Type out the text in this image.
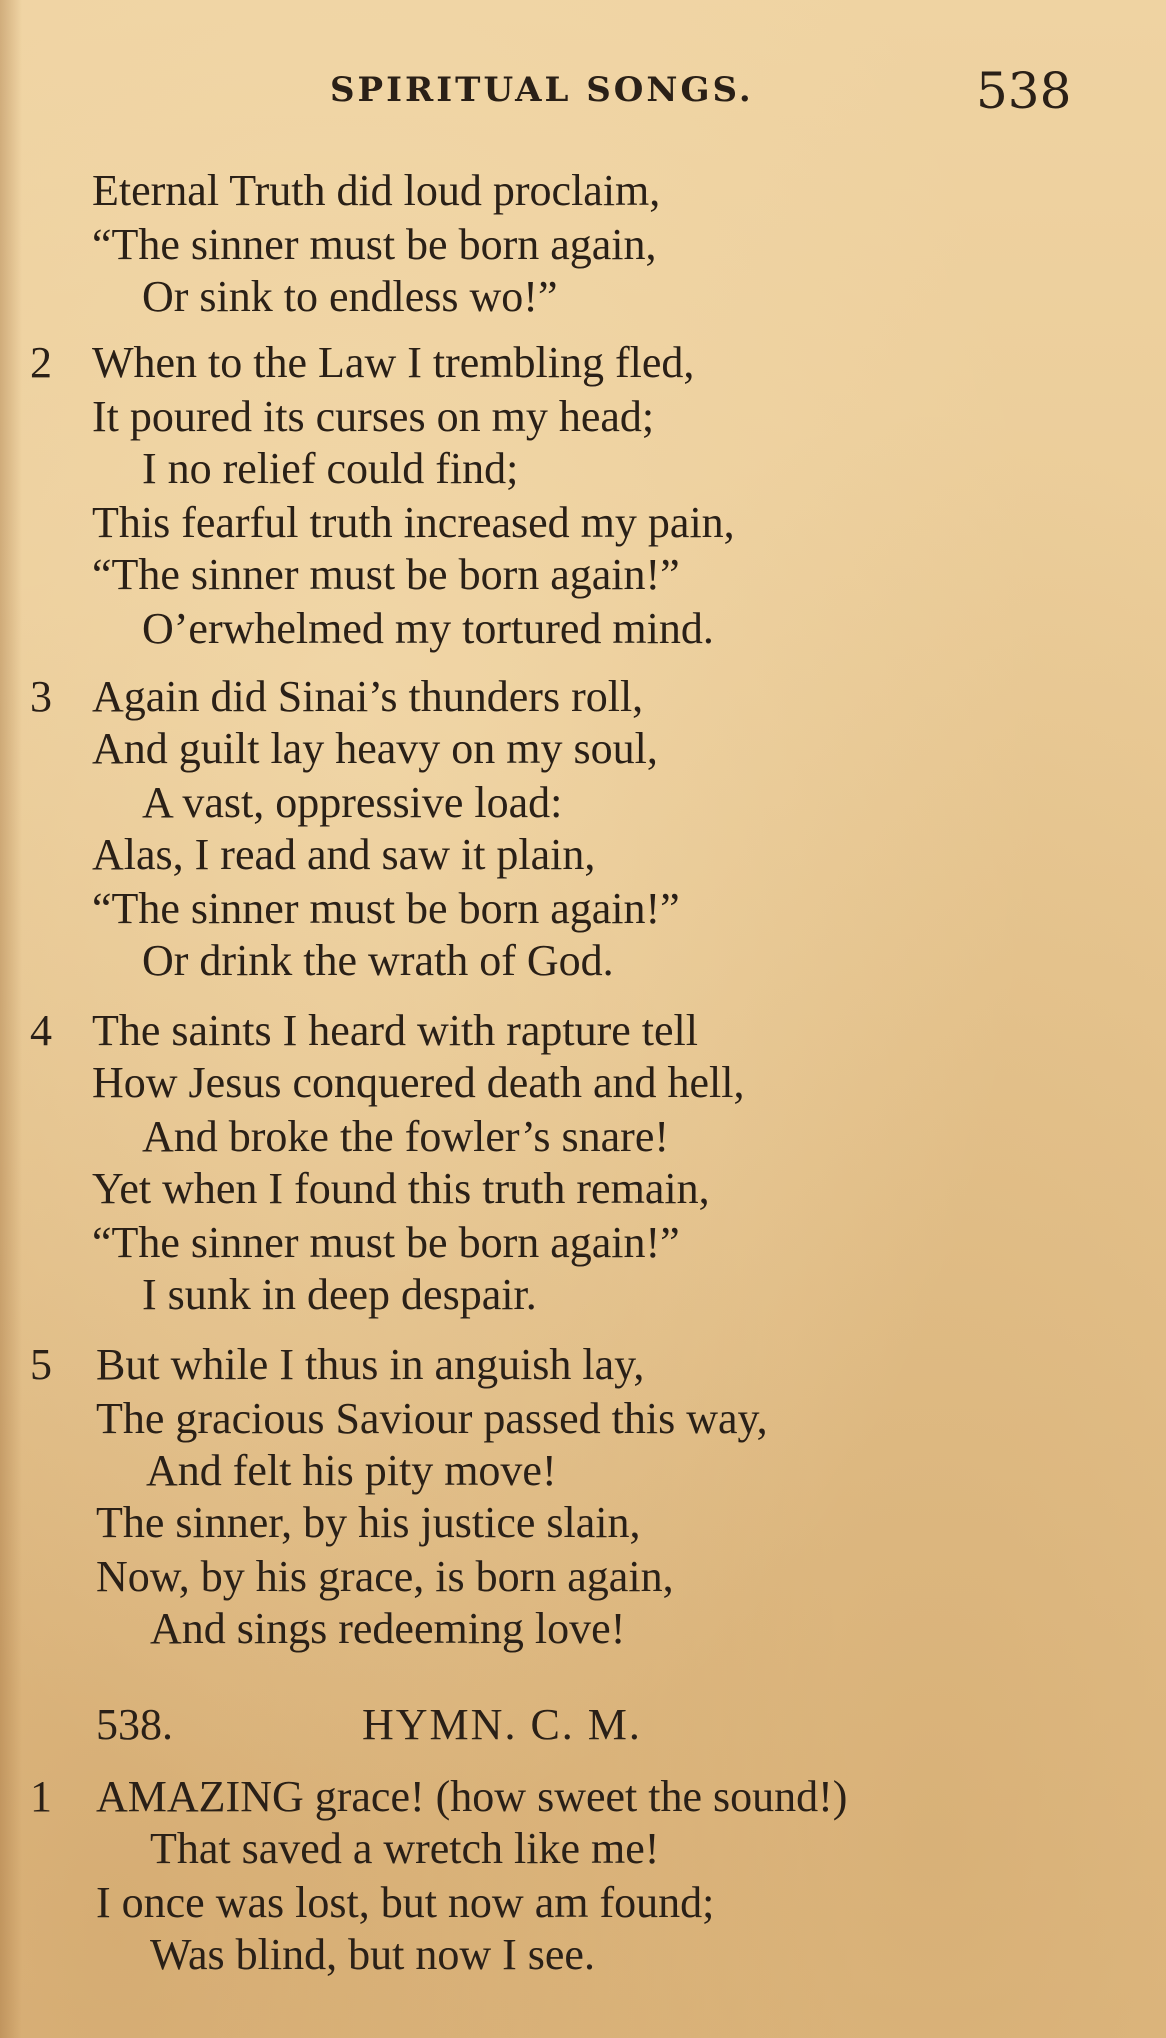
SPIRITUAL SONGS.	538
Eternal Truth did loud proclaim,
“The sinner must be born again,
Or sink to endless wo!”
2 When to the Law I trembling fled,
It poured its curses on my head;
I no relief could find;
This fearful truth increased my pain,
“The sinner must be born again!”
O’erwhelmed my tortured mind.
3 Again did Sinai’s thunders roll,
And guilt lay heavy on my soul,
A vast, oppressive load:
Alas, I read and saw it plain,
“The sinner must be born again!”
Or drink the wrath of God.
4 The saints I heard with rapture tell
How Jesus conquered death and hell,
And broke the fowler’s snare!
Yet when I found this truth remain,
“The sinner must be born again!”
I sunk in deep despair.
5 But while I thus in anguish lay,
The gracious Saviour passed this way,
And felt his pity move!
The sinner, by his justice slain,
Now, by his grace, is born again,
And sings redeeming love!
538.	HYMN. C. M.
1 AMAZING grace! (how sweet the sound!)
That saved a wretch like me!
I once was lost, but now am found;
Was blind, but now I see.
